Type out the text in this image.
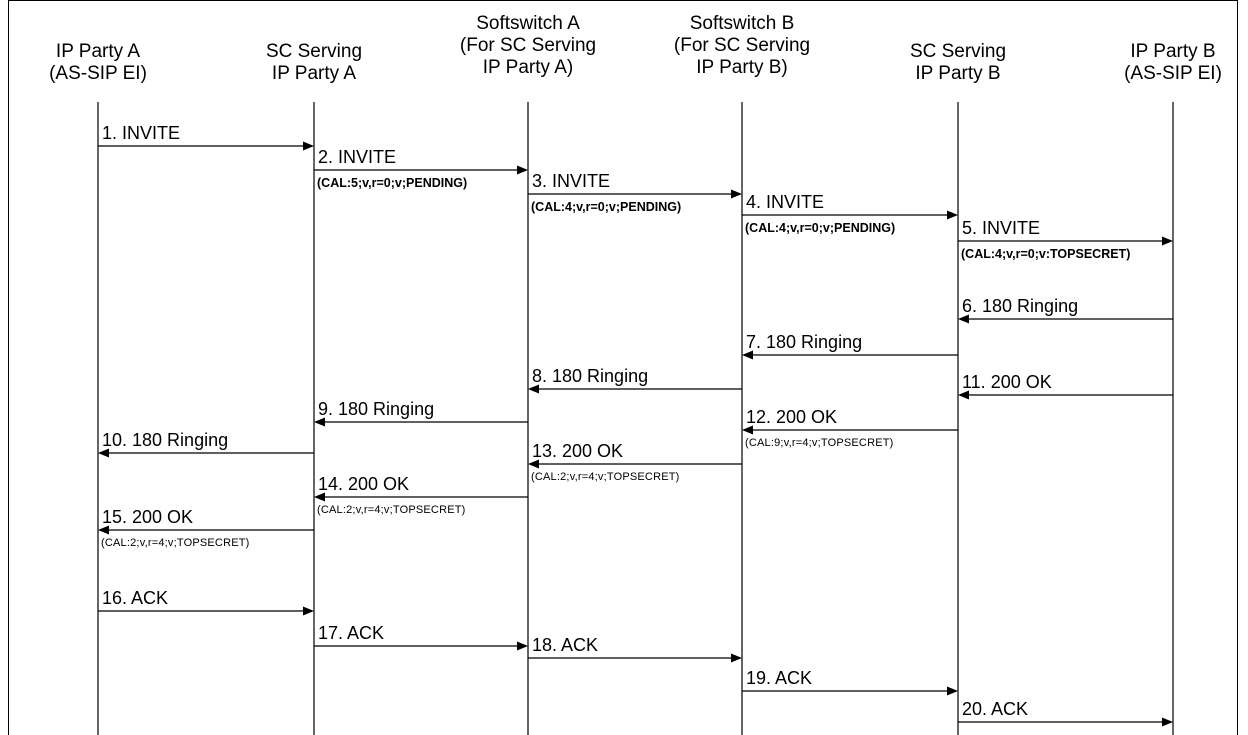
IP Party A
(AS-SIP EI)
SC Serving
IP Party A
Softswitch A
(For SC Serving
IP Party A)
Softswitch B
(For SC Serving
IP Party B)
SC Serving
IP Party B
IP Party B
(AS-SIP EI)
1. INVITE
2. INVITE
(CAL:5;v,r=0;v;PENDING)	3. INVITE
(CAL:4;v,r=0;v;PENDING)	4. INVITE
(CAL:4;v,r=0;v;PENDING)	5. INVITE
(CAL:4;v,r=0;v:TOPSECRET)
6. 180 Ringing
7. 180 Ringing
8. 180 Ringing	11. 200 OK
9. 180 Ringing	12. 200 OK
(CAL:9;v,r=4;v;TOPSECRET)
10. 180 Ringing
13. 200 OK
(CAL:2;v,r=4;v;TOPSECRET)
14. 200 OK
(CAL:2;v,r=4;v;TOPSECRET)
15. 200 OK
(CAL:2;v,r=4;v;TOPSECRET)
16. ACK
17. ACK
18. ACK
19. ACK
20. ACK
